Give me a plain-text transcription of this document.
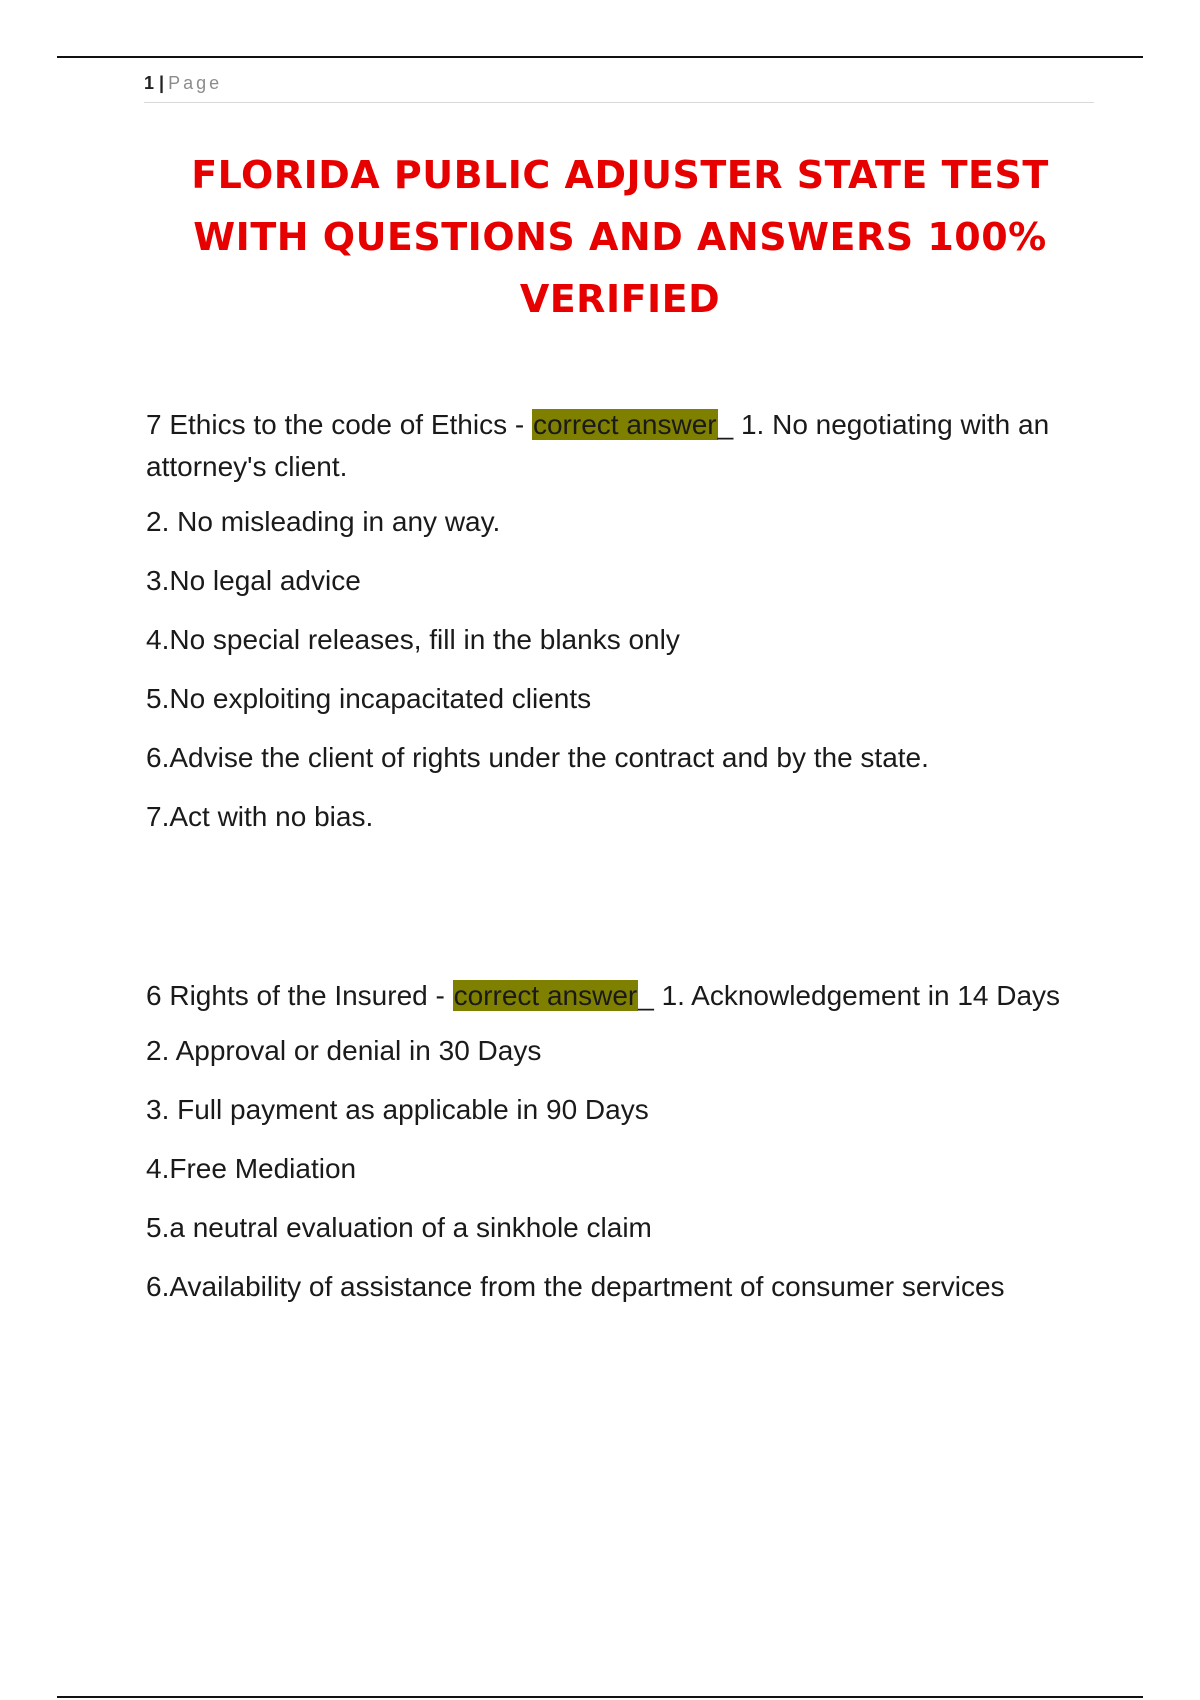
1 | Page
FLORIDA PUBLIC ADJUSTER STATE TEST
WITH QUESTIONS AND ANSWERS 100%
VERIFIED

7 Ethics to the code of Ethics - correct answer_ 1. No negotiating with an attorney's client.

2. No misleading in any way.

3.No legal advice

4.No special releases, fill in the blanks only

5.No exploiting incapacitated clients

6.Advise the client of rights under the contract and by the state.

7.Act with no bias.

6 Rights of the Insured - correct answer_ 1. Acknowledgement in 14 Days

2. Approval or denial in 30 Days

3. Full payment as applicable in 90 Days

4.Free Mediation

5.a neutral evaluation of a sinkhole claim

6.Availability of assistance from the department of consumer services
